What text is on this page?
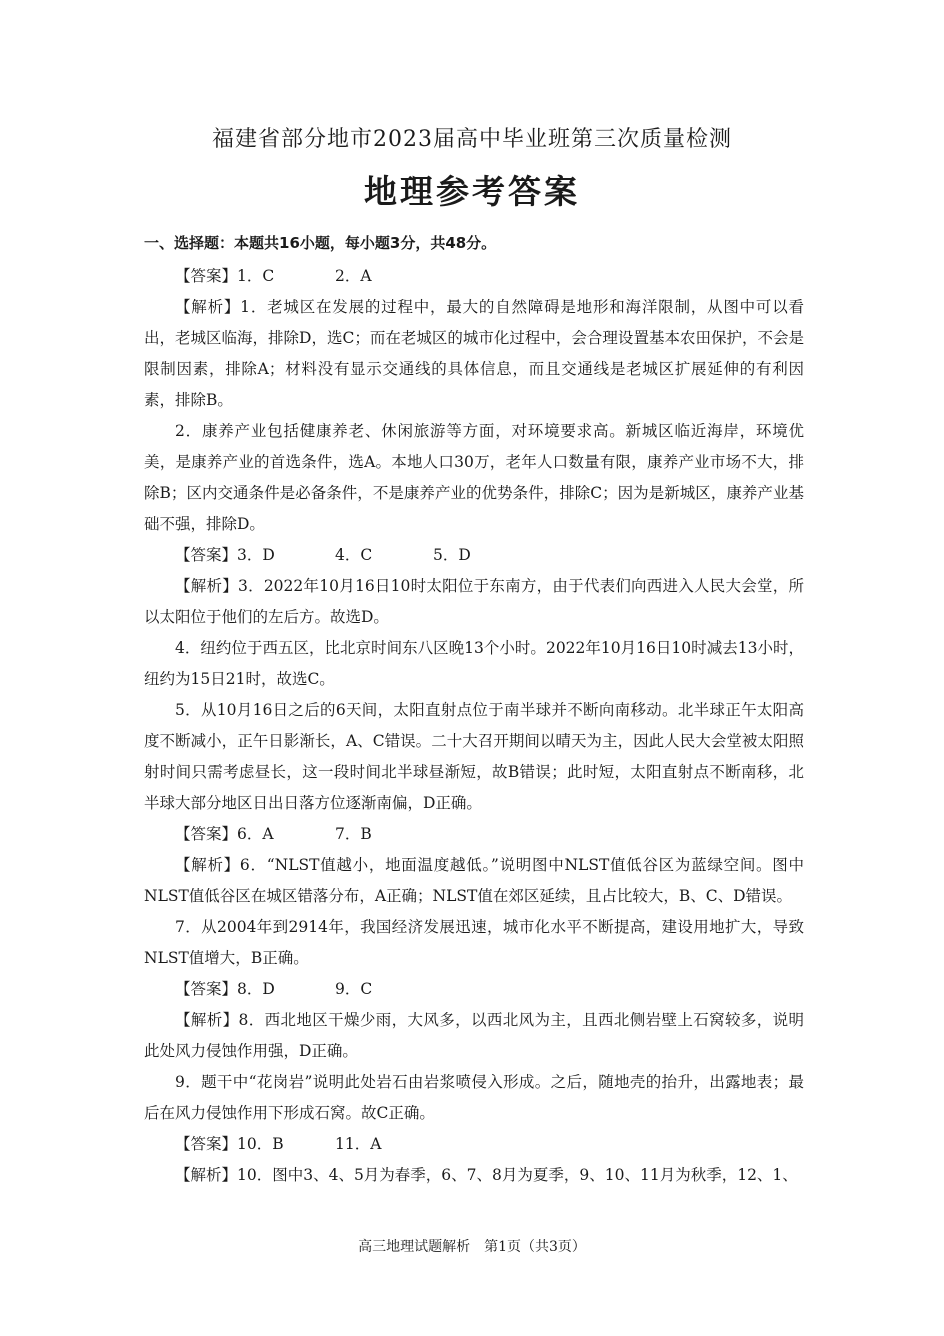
福建省部分地市2023届高中毕业班第三次质量检测
地理参考答案

一、选择题：本题共16小题，每小题3分，共48分。

【答案】1．C	2．A

【解析】1．老城区在发展的过程中，最大的自然障碍是地形和海洋限制，从图中可以看出，老城区临海，排除D，选C；而在老城区的城市化过程中，会合理设置基本农田保护，不会是限制因素，排除A；材料没有显示交通线的具体信息，而且交通线是老城区扩展延伸的有利因素，排除B。

2．康养产业包括健康养老、休闲旅游等方面，对环境要求高。新城区临近海岸，环境优美，是康养产业的首选条件，选A。本地人口30万，老年人口数量有限，康养产业市场不大，排除B；区内交通条件是必备条件，不是康养产业的优势条件，排除C；因为是新城区，康养产业基础不强，排除D。

【答案】3．D	4．C	5．D

【解析】3．2022年10月16日10时太阳位于东南方，由于代表们向西进入人民大会堂，所以太阳位于他们的左后方。故选D。

4．纽约位于西五区，比北京时间东八区晚13个小时。2022年10月16日10时减去13小时，纽约为15日21时，故选C。

5．从10月16日之后的6天间，太阳直射点位于南半球并不断向南移动。北半球正午太阳高度不断减小，正午日影渐长，A、C错误。二十大召开期间以晴天为主，因此人民大会堂被太阳照射时间只需考虑昼长，这一段时间北半球昼渐短，故B错误；此时短，太阳直射点不断南移，北半球大部分地区日出日落方位逐渐南偏，D正确。

【答案】6．A	7．B

【解析】6．“NLST值越小，地面温度越低。”说明图中NLST值低谷区为蓝绿空间。图中NLST值低谷区在城区错落分布，A正确；NLST值在郊区延续，且占比较大，B、C、D错误。

7．从2004年到2914年，我国经济发展迅速，城市化水平不断提高，建设用地扩大，导致NLST值增大，B正确。

【答案】8．D	9．C

【解析】8．西北地区干燥少雨，大风多，以西北风为主，且西北侧岩壁上石窝较多，说明此处风力侵蚀作用强，D正确。

9．题干中“花岗岩”说明此处岩石由岩浆喷侵入形成。之后，随地壳的抬升，出露地表；最后在风力侵蚀作用下形成石窝。故C正确。

【答案】10．B	11．A

【解析】10．图中3、4、5月为春季，6、7、8月为夏季，9、10、11月为秋季，12、1、

高三地理试题解析　第1页（共3页）
